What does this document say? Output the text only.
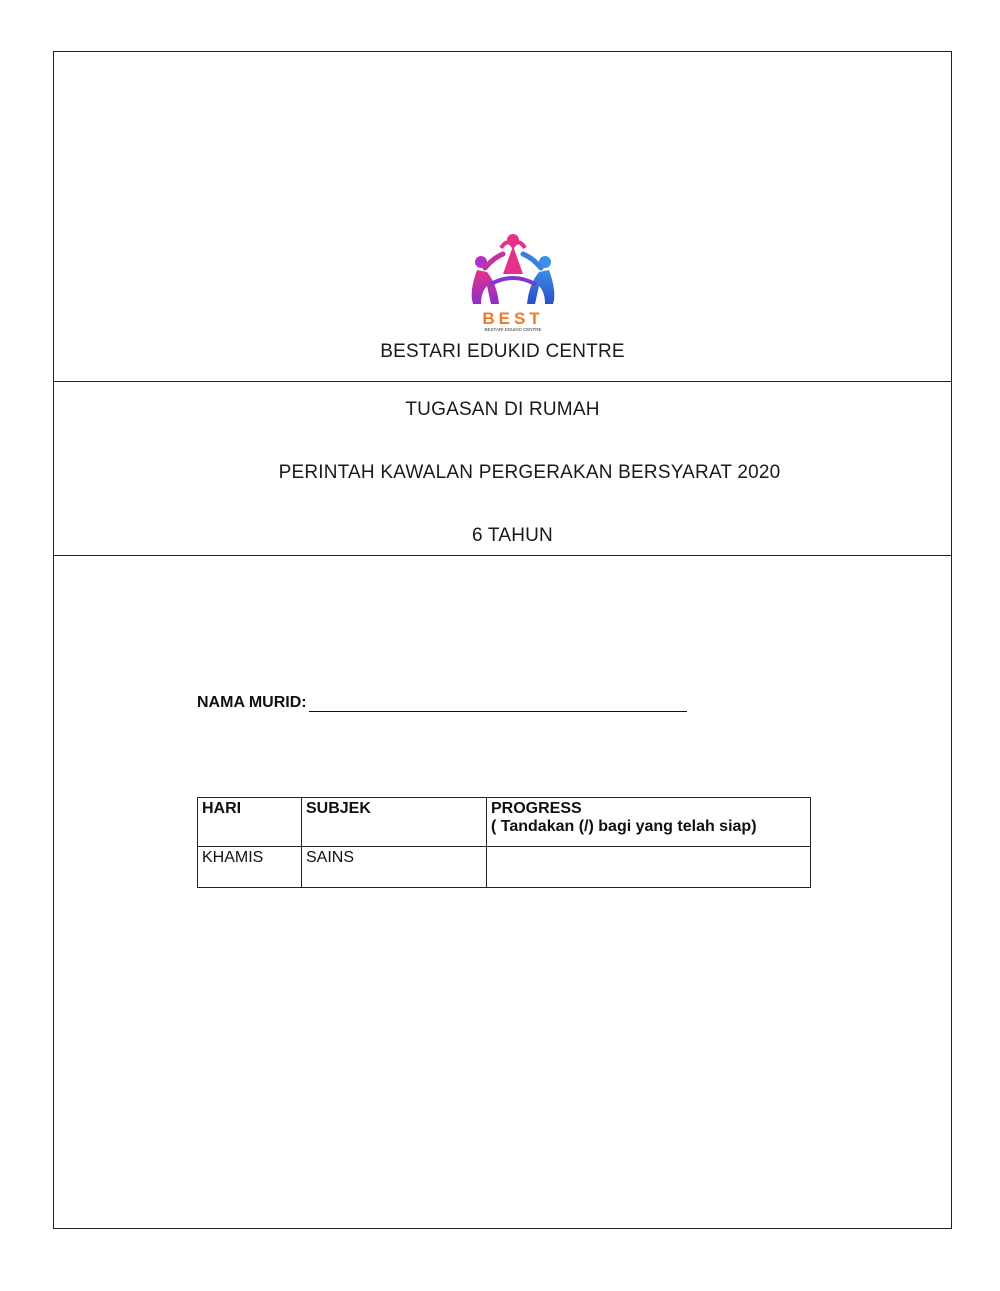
BEST
BESTARI EDUKID CENTRE
BESTARI EDUKID CENTRE
TUGASAN DI RUMAH
PERINTAH KAWALAN PERGERAKAN BERSYARAT 2020
6 TAHUN
NAMA MURID:
HARI	SUBJEK	PROGRESS
( Tandakan (/) bagi yang telah siap)

KHAMIS	SAINS	
